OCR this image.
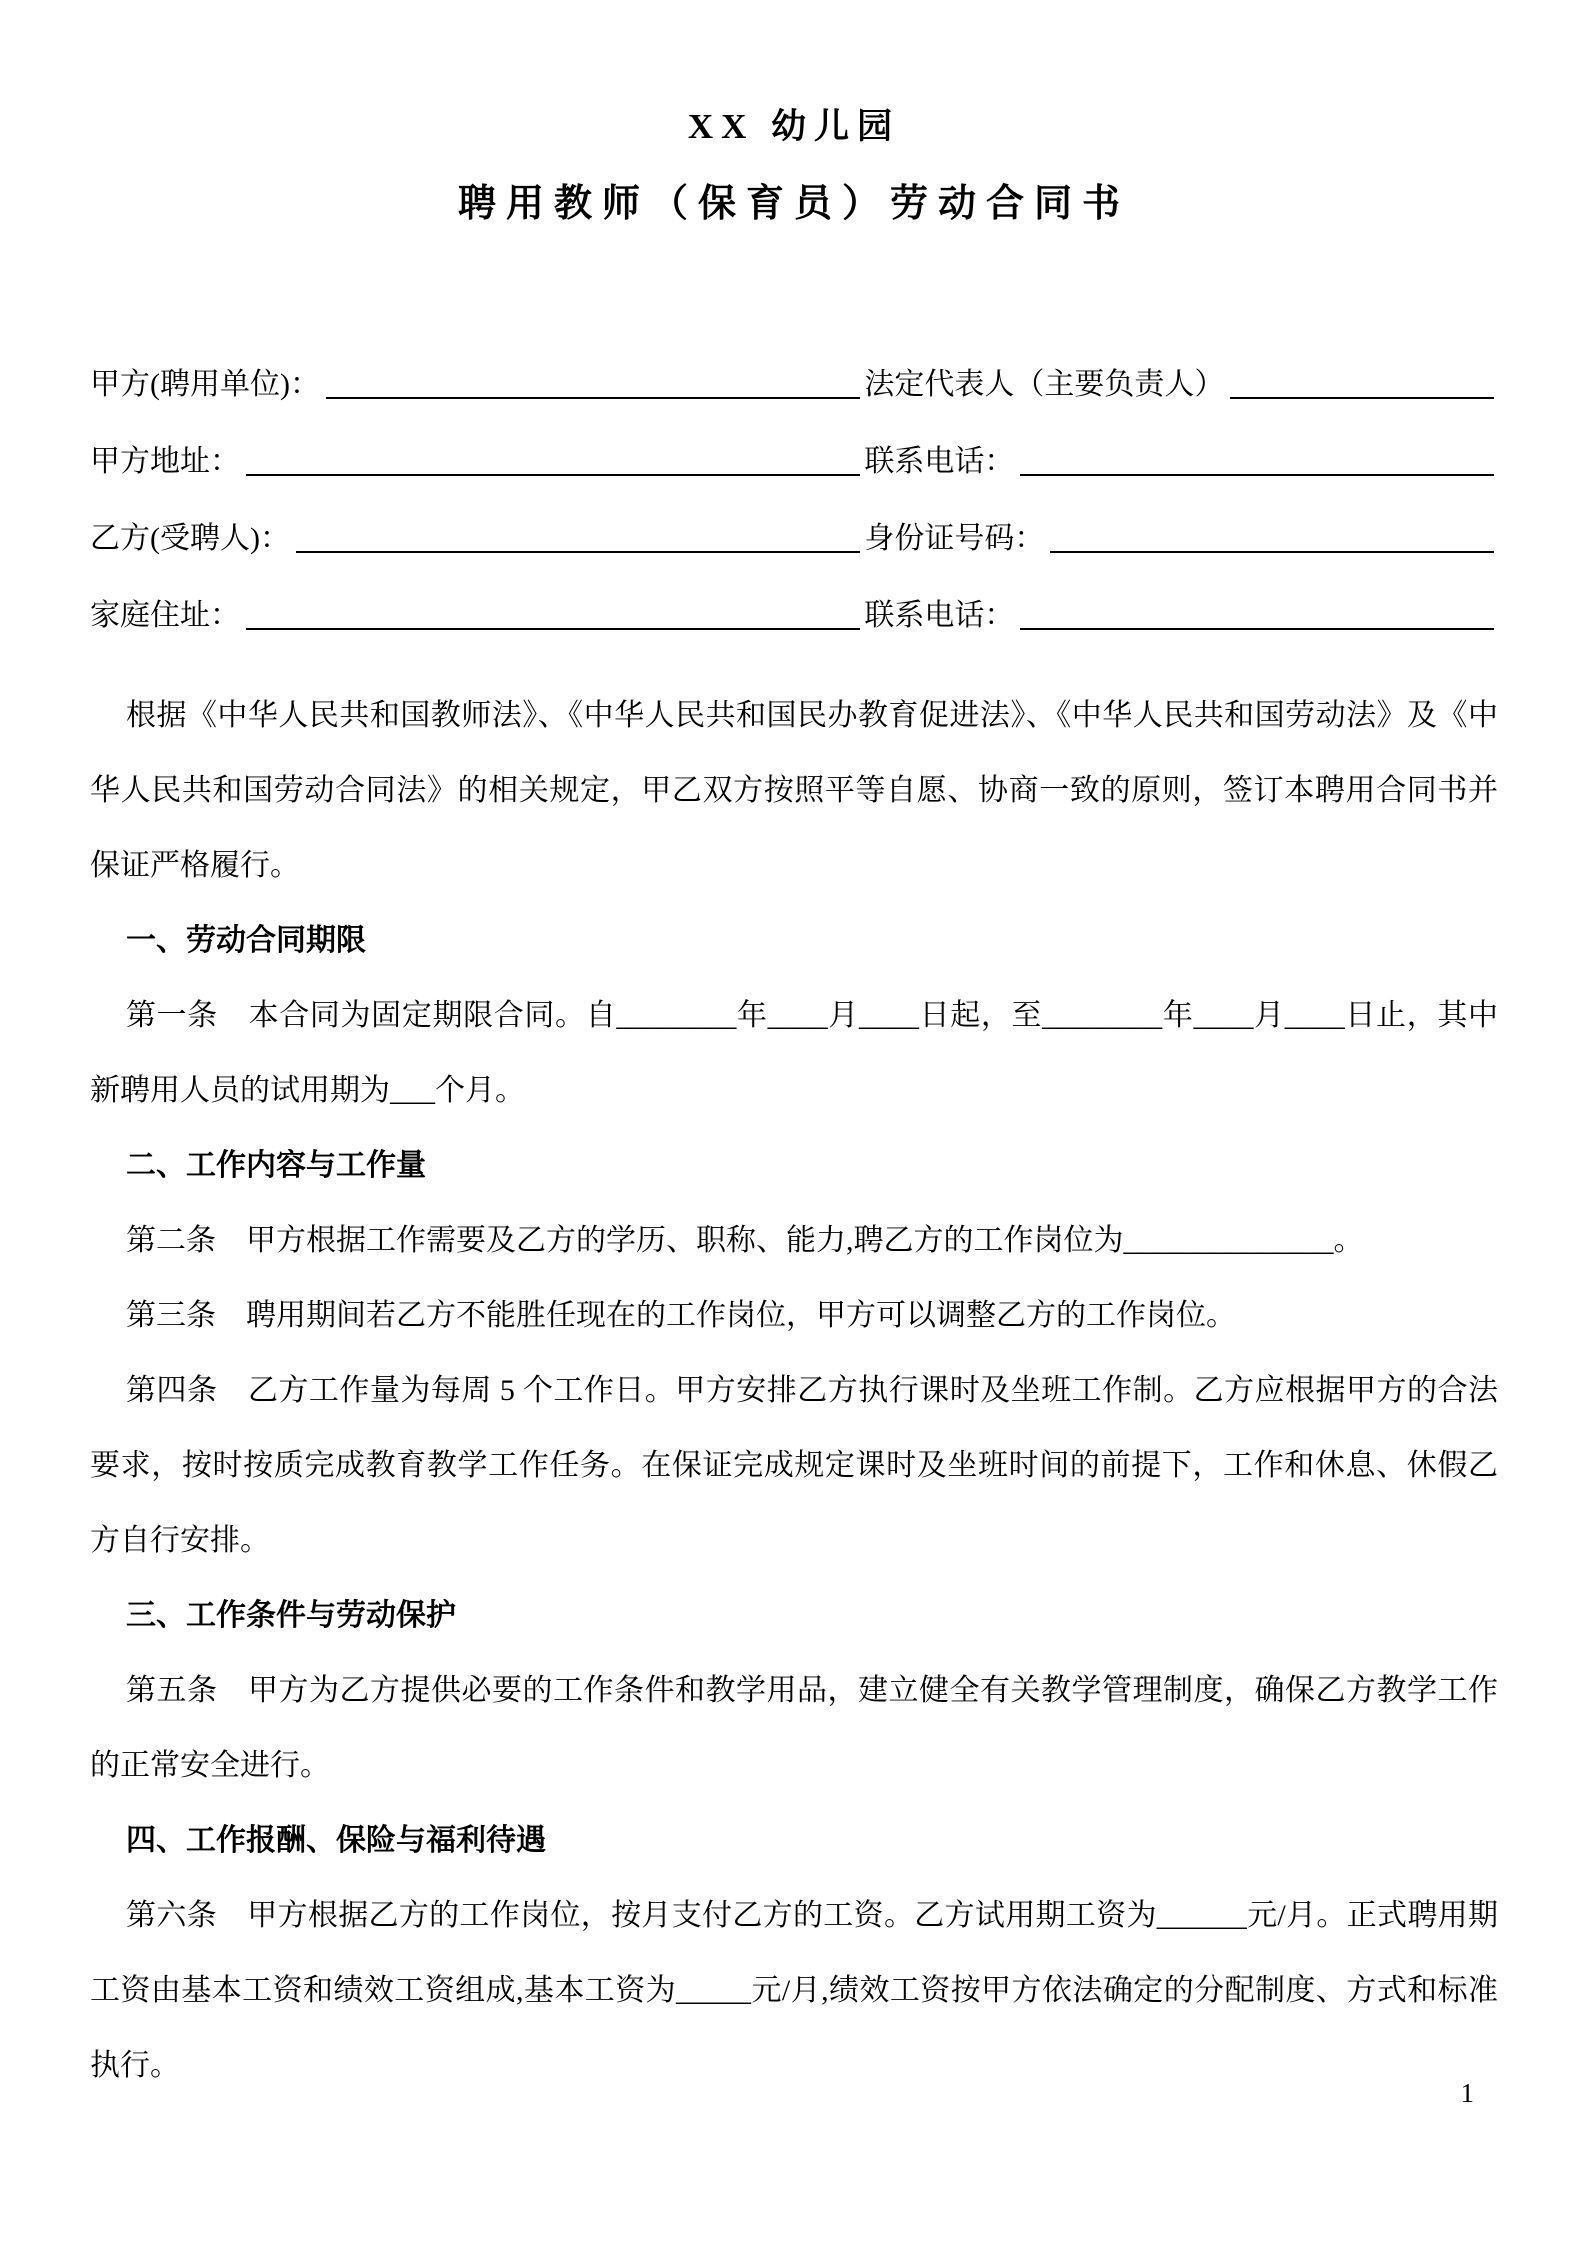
XX 幼儿园
聘用教师（保育员）劳动合同书
甲方(聘用单位)：	法定代表人（主要负责人）
甲方地址：	联系电话：
乙方(受聘人)：	身份证号码：
家庭住址：	联系电话：

根据《中华人民共和国教师法》、《中华人民共和国民办教育促进法》、《中华人民共和国劳动法》及《中华人民共和国劳动合同法》的相关规定，甲乙双方按照平等自愿、协商一致的原则，签订本聘用合同书并保证严格履行。

一、劳动合同期限

第一条　本合同为固定期限合同。自________年____月____日起，至________年____月____日止，其中新聘用人员的试用期为___个月。

二、工作内容与工作量

第二条　甲方根据工作需要及乙方的学历、职称、能力,聘乙方的工作岗位为______________。

第三条　聘用期间若乙方不能胜任现在的工作岗位，甲方可以调整乙方的工作岗位。

第四条　乙方工作量为每周 5 个工作日。甲方安排乙方执行课时及坐班工作制。乙方应根据甲方的合法要求，按时按质完成教育教学工作任务。在保证完成规定课时及坐班时间的前提下，工作和休息、休假乙方自行安排。

三、工作条件与劳动保护

第五条　甲方为乙方提供必要的工作条件和教学用品，建立健全有关教学管理制度，确保乙方教学工作的正常安全进行。

四、工作报酬、保险与福利待遇

第六条　甲方根据乙方的工作岗位，按月支付乙方的工资。乙方试用期工资为______元/月。正式聘用期工资由基本工资和绩效工资组成,基本工资为_____元/月,绩效工资按甲方依法确定的分配制度、方式和标准执行。

1
